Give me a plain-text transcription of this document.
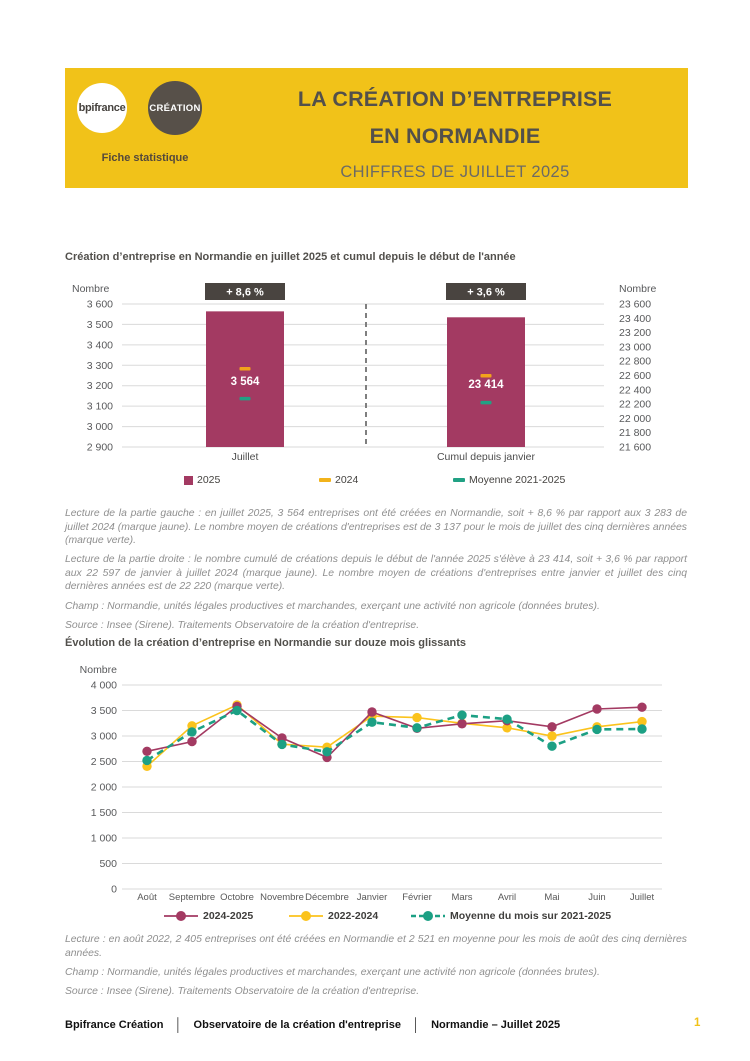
bpifrance	CRÉATION
Fiche statistique
LA CRÉATION D’ENTREPRISE
EN NORMANDIE
CHIFFRES DE JUILLET 2025
Création d’entreprise en Normandie en juillet 2025 et cumul depuis le début de l'année
3 600
3 500
3 400
3 300
3 200
3 100
3 000
2 900
23 600
23 400
23 200
23 000
22 800
22 600
22 400
22 200
22 000
21 800
21 600
Nombre	Nombre
+ 8,6 %
3 564
Juillet
+ 3,6 %
23 414
Cumul depuis janvier
2025	2024	Moyenne 2021-2025

Lecture de la partie gauche : en juillet 2025, 3 564 entreprises ont été créées en Normandie, soit + 8,6 % par rapport aux 3 283 de juillet 2024 (marque jaune). Le nombre moyen de créations d'entreprises est de 3 137 pour le mois de juillet des cinq dernières années (marque verte).

Lecture de la partie droite : le nombre cumulé de créations depuis le début de l'année 2025 s'élève à 23 414, soit + 3,6 % par rapport aux 22 597 de janvier à juillet 2024 (marque jaune). Le nombre moyen de créations d'entreprises entre janvier et juillet des cinq dernières années est de 22 220 (marque verte).

Champ : Normandie, unités légales productives et marchandes, exerçant une activité non agricole (données brutes).

Source : Insee (Sirene). Traitements Observatoire de la création d'entreprise.

Évolution de la création d’entreprise en Normandie sur douze mois glissants
4 000
3 500
3 000
2 500
2 000
1 500
1 000
500
0
Nombre
Août Septembre Octobre Novembre Décembre Janvier Février Mars	Avril	Mai	Juin	Juillet
2024-2025	2022-2024	Moyenne du mois sur 2021-2025

Lecture : en août 2022, 2 405 entreprises ont été créées en Normandie et 2 521 en moyenne pour les mois de août des cinq dernières années.

Champ : Normandie, unités légales productives et marchandes, exerçant une activité non agricole (données brutes).

Source : Insee (Sirene). Traitements Observatoire de la création d'entreprise.

Bpifrance Création │ Observatoire de la création d'entreprise │ Normandie – Juillet 2025	1
